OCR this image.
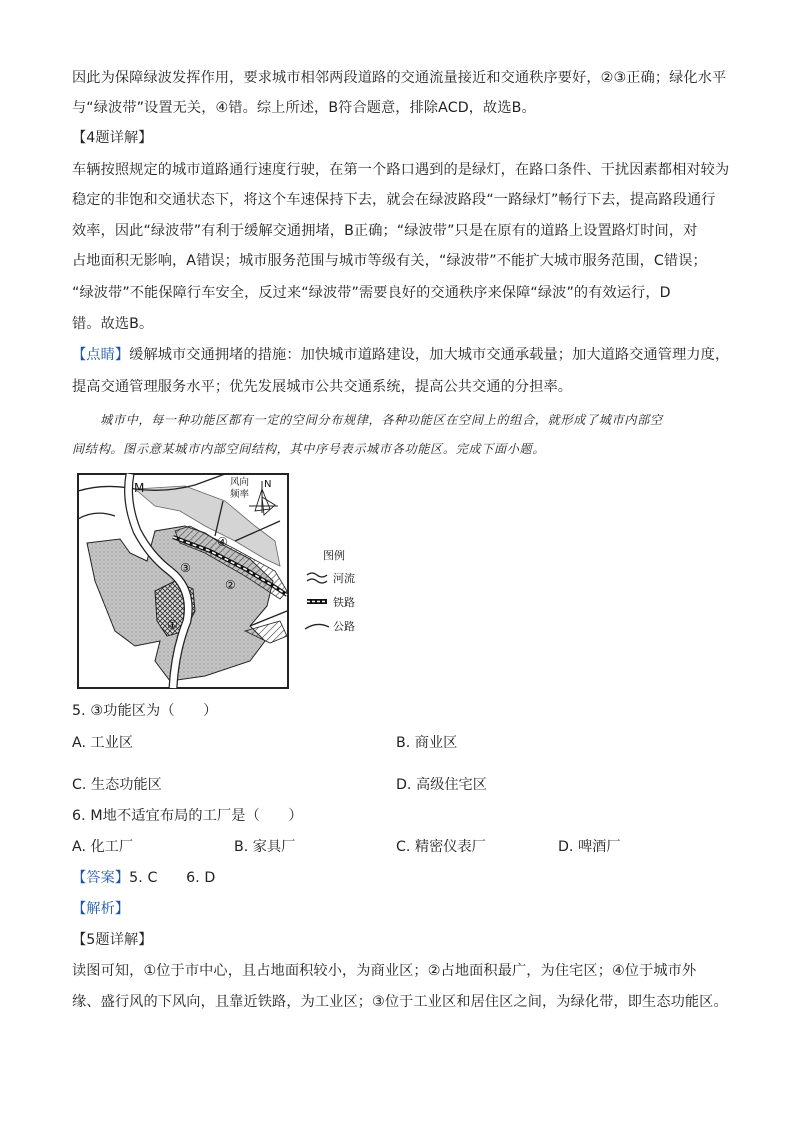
因此为保障绿波发挥作用，要求城市相邻两段道路的交通流量接近和交通秩序要好，②③正确；绿化水平
与“绿波带”设置无关，④错。综上所述，B符合题意，排除ACD，故选B。
【4题详解】
车辆按照规定的城市道路通行速度行驶，在第一个路口遇到的是绿灯，在路口条件、干扰因素都相对较为
稳定的非饱和交通状态下，将这个车速保持下去，就会在绿波路段“一路绿灯”畅行下去，提高路段通行
效率，因此“绿波带”有利于缓解交通拥堵，B正确；“绿波带”只是在原有的道路上设置路灯时间，对
占地面积无影响，A错误；城市服务范围与城市等级有关，“绿波带”不能扩大城市服务范围，C错误；
“绿波带”不能保障行车安全，反过来“绿波带”需要良好的交通秩序来保障“绿波”的有效运行，D
错。故选B。
【点睛】缓解城市交通拥堵的措施：加快城市道路建设，加大城市交通承载量；加大道路交通管理力度，
提高交通管理服务水平；优先发展城市公共交通系统，提高公共交通的分担率。
城市中，每一种功能区都有一定的空间分布规律，各种功能区在空间上的组合，就形成了城市内部空
间结构。图示意某城市内部空间结构，其中序号表示城市各功能区。完成下面小题。
M	风向
频率
N
①
②
③
④
图例
河流
铁路
公路
5. ③功能区为（　　）
A. 工业区	B. 商业区
C. 生态功能区	D. 高级住宅区
6. M地不适宜布局的工厂是（　　）
A. 化工厂	B. 家具厂	C. 精密仪表厂	D. 啤酒厂
【答案】5. C　　6. D
【解析】
【5题详解】
读图可知，①位于市中心，且占地面积较小，为商业区；②占地面积最广，为住宅区；④位于城市外
缘、盛行风的下风向，且靠近铁路，为工业区；③位于工业区和居住区之间，为绿化带，即生态功能区。
